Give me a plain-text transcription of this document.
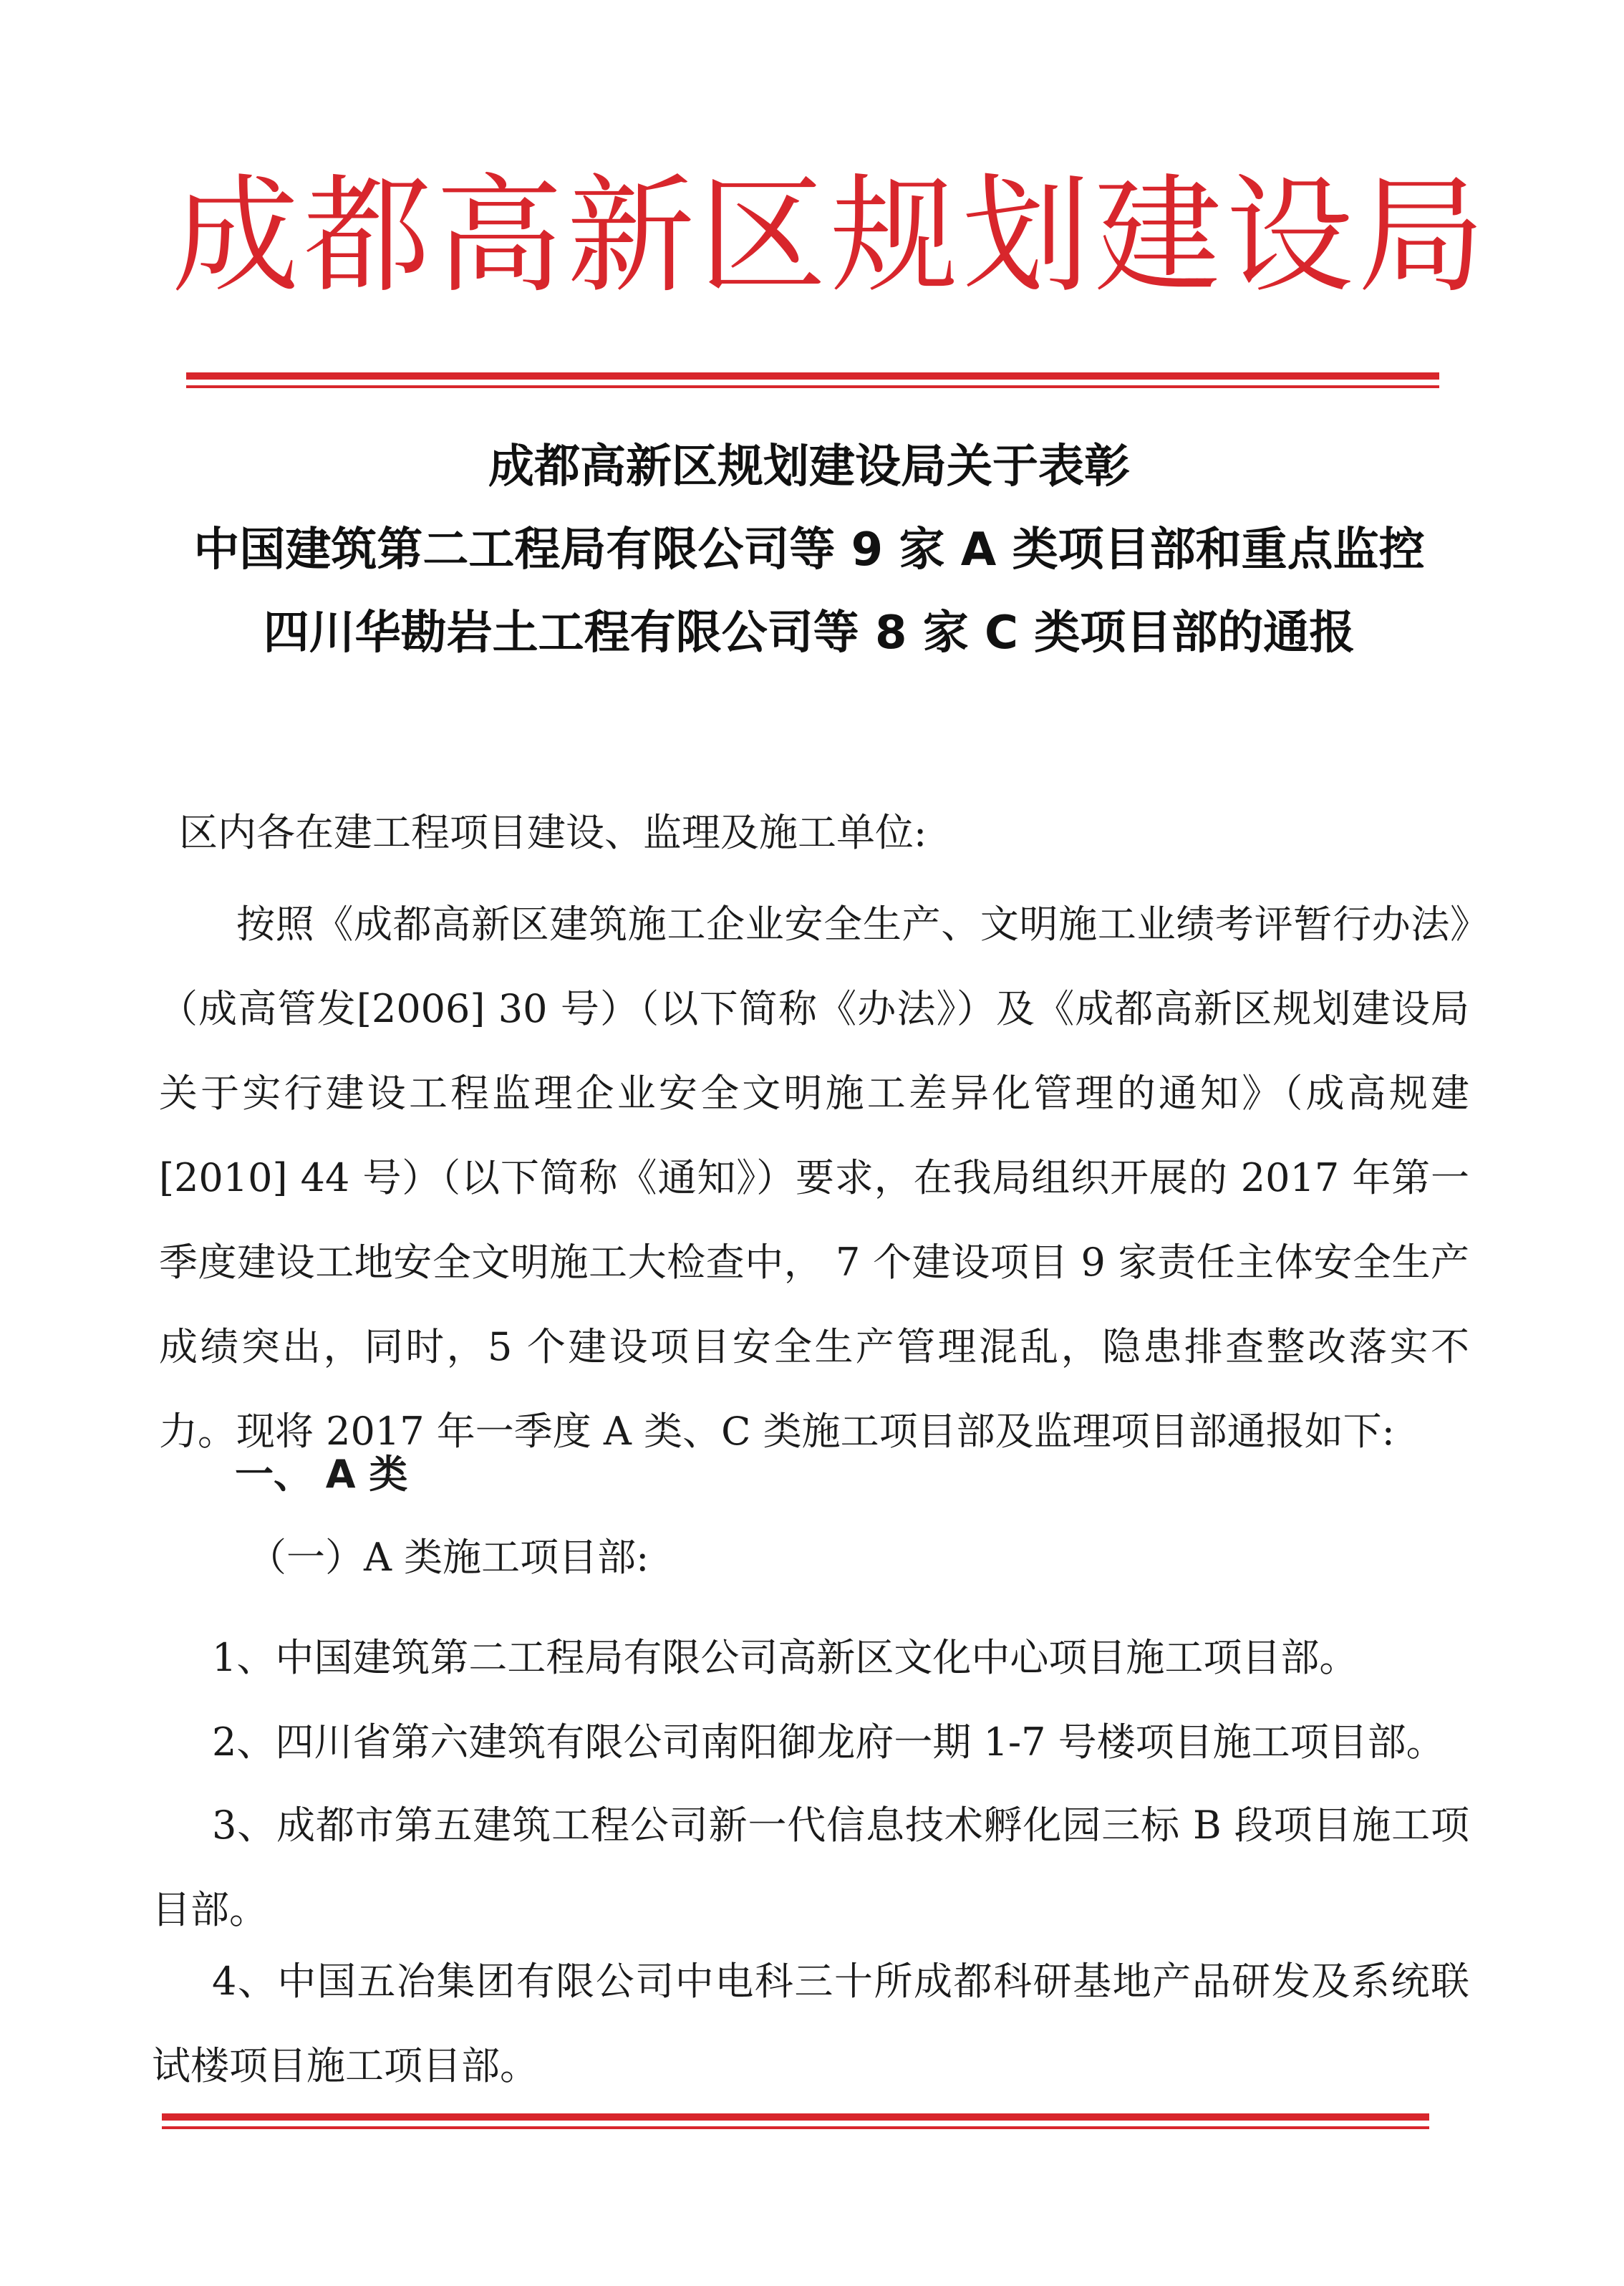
成都高新区规划建设局
成都高新区规划建设局关于表彰
中国建筑第二工程局有限公司等 9 家 A 类项目部和重点监控
四川华勘岩土工程有限公司等 8 家 C 类项目部的通报
区内各在建工程项目建设、监理及施工单位:
按照《成都高新区建筑施工企业安全生产、文明施工业绩考评暂行办法》（成高管发[2006] 30 号）（以下简称《办法》）及《成都高新区规划建设局关于实行建设工程监理企业安全文明施工差异化管理的通知》（成高规建[2010] 44 号）（以下简称《通知》）要求，在我局组织开展的 2017 年第一季度建设工地安全文明施工大检查中， 7 个建设项目 9 家责任主体安全生产成绩突出，同时，5 个建设项目安全生产管理混乱，隐患排查整改落实不力。现将 2017 年一季度 A 类、C 类施工项目部及监理项目部通报如下:
一、 A 类
（一）A 类施工项目部:
1、中国建筑第二工程局有限公司高新区文化中心项目施工项目部。
2、四川省第六建筑有限公司南阳御龙府一期 1-7 号楼项目施工项目部。
3、成都市第五建筑工程公司新一代信息技术孵化园三标 B 段项目施工项目部。
4、中国五冶集团有限公司中电科三十所成都科研基地产品研发及系统联试楼项目施工项目部。
